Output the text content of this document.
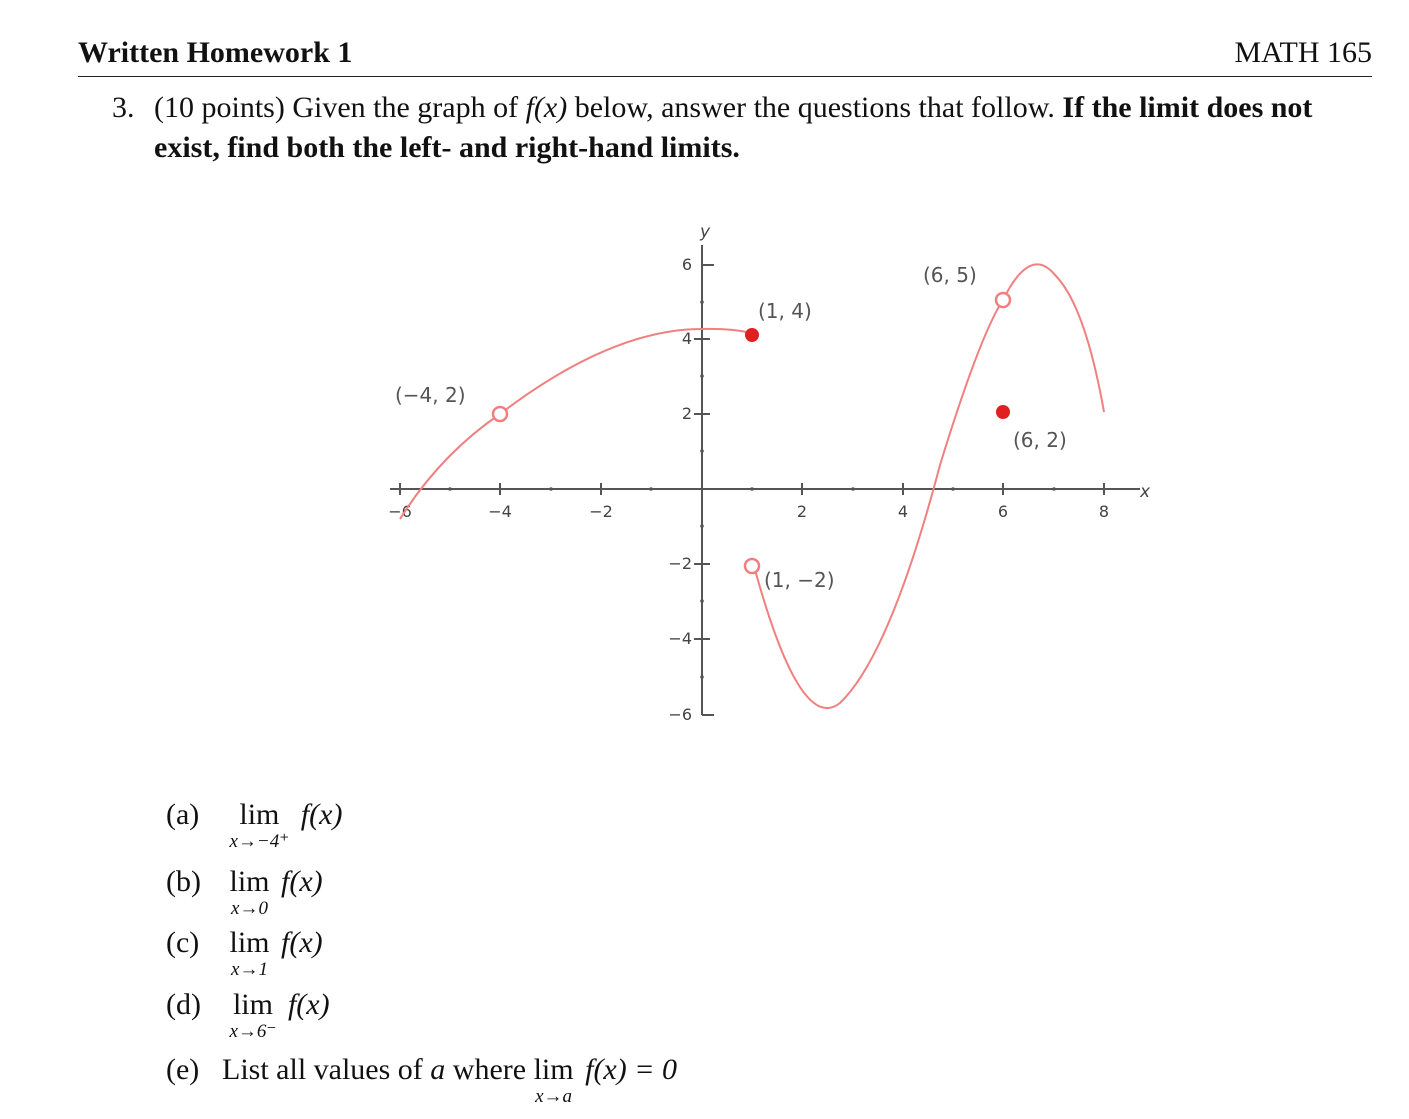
Written Homework 1	MATH 165
3. (10 points) Given the graph of f(x) below, answer the questions that follow. If the limit does not exist, find both the left- and right-hand limits.
−6	−4	−2	2	4	6	8
6
4
2
−2
−4
−6
x
y
(−4, 2)
(1, 4)
(6, 5)
(6, 2)
(1, −2)
(a) lim
x→−4⁺
f(x)
(b) lim
x→0
f(x)
(c) lim
x→1
f(x)
(d) lim
x→6⁻
f(x)
(e) List all values of a where lim
x→a
f(x) = 0
